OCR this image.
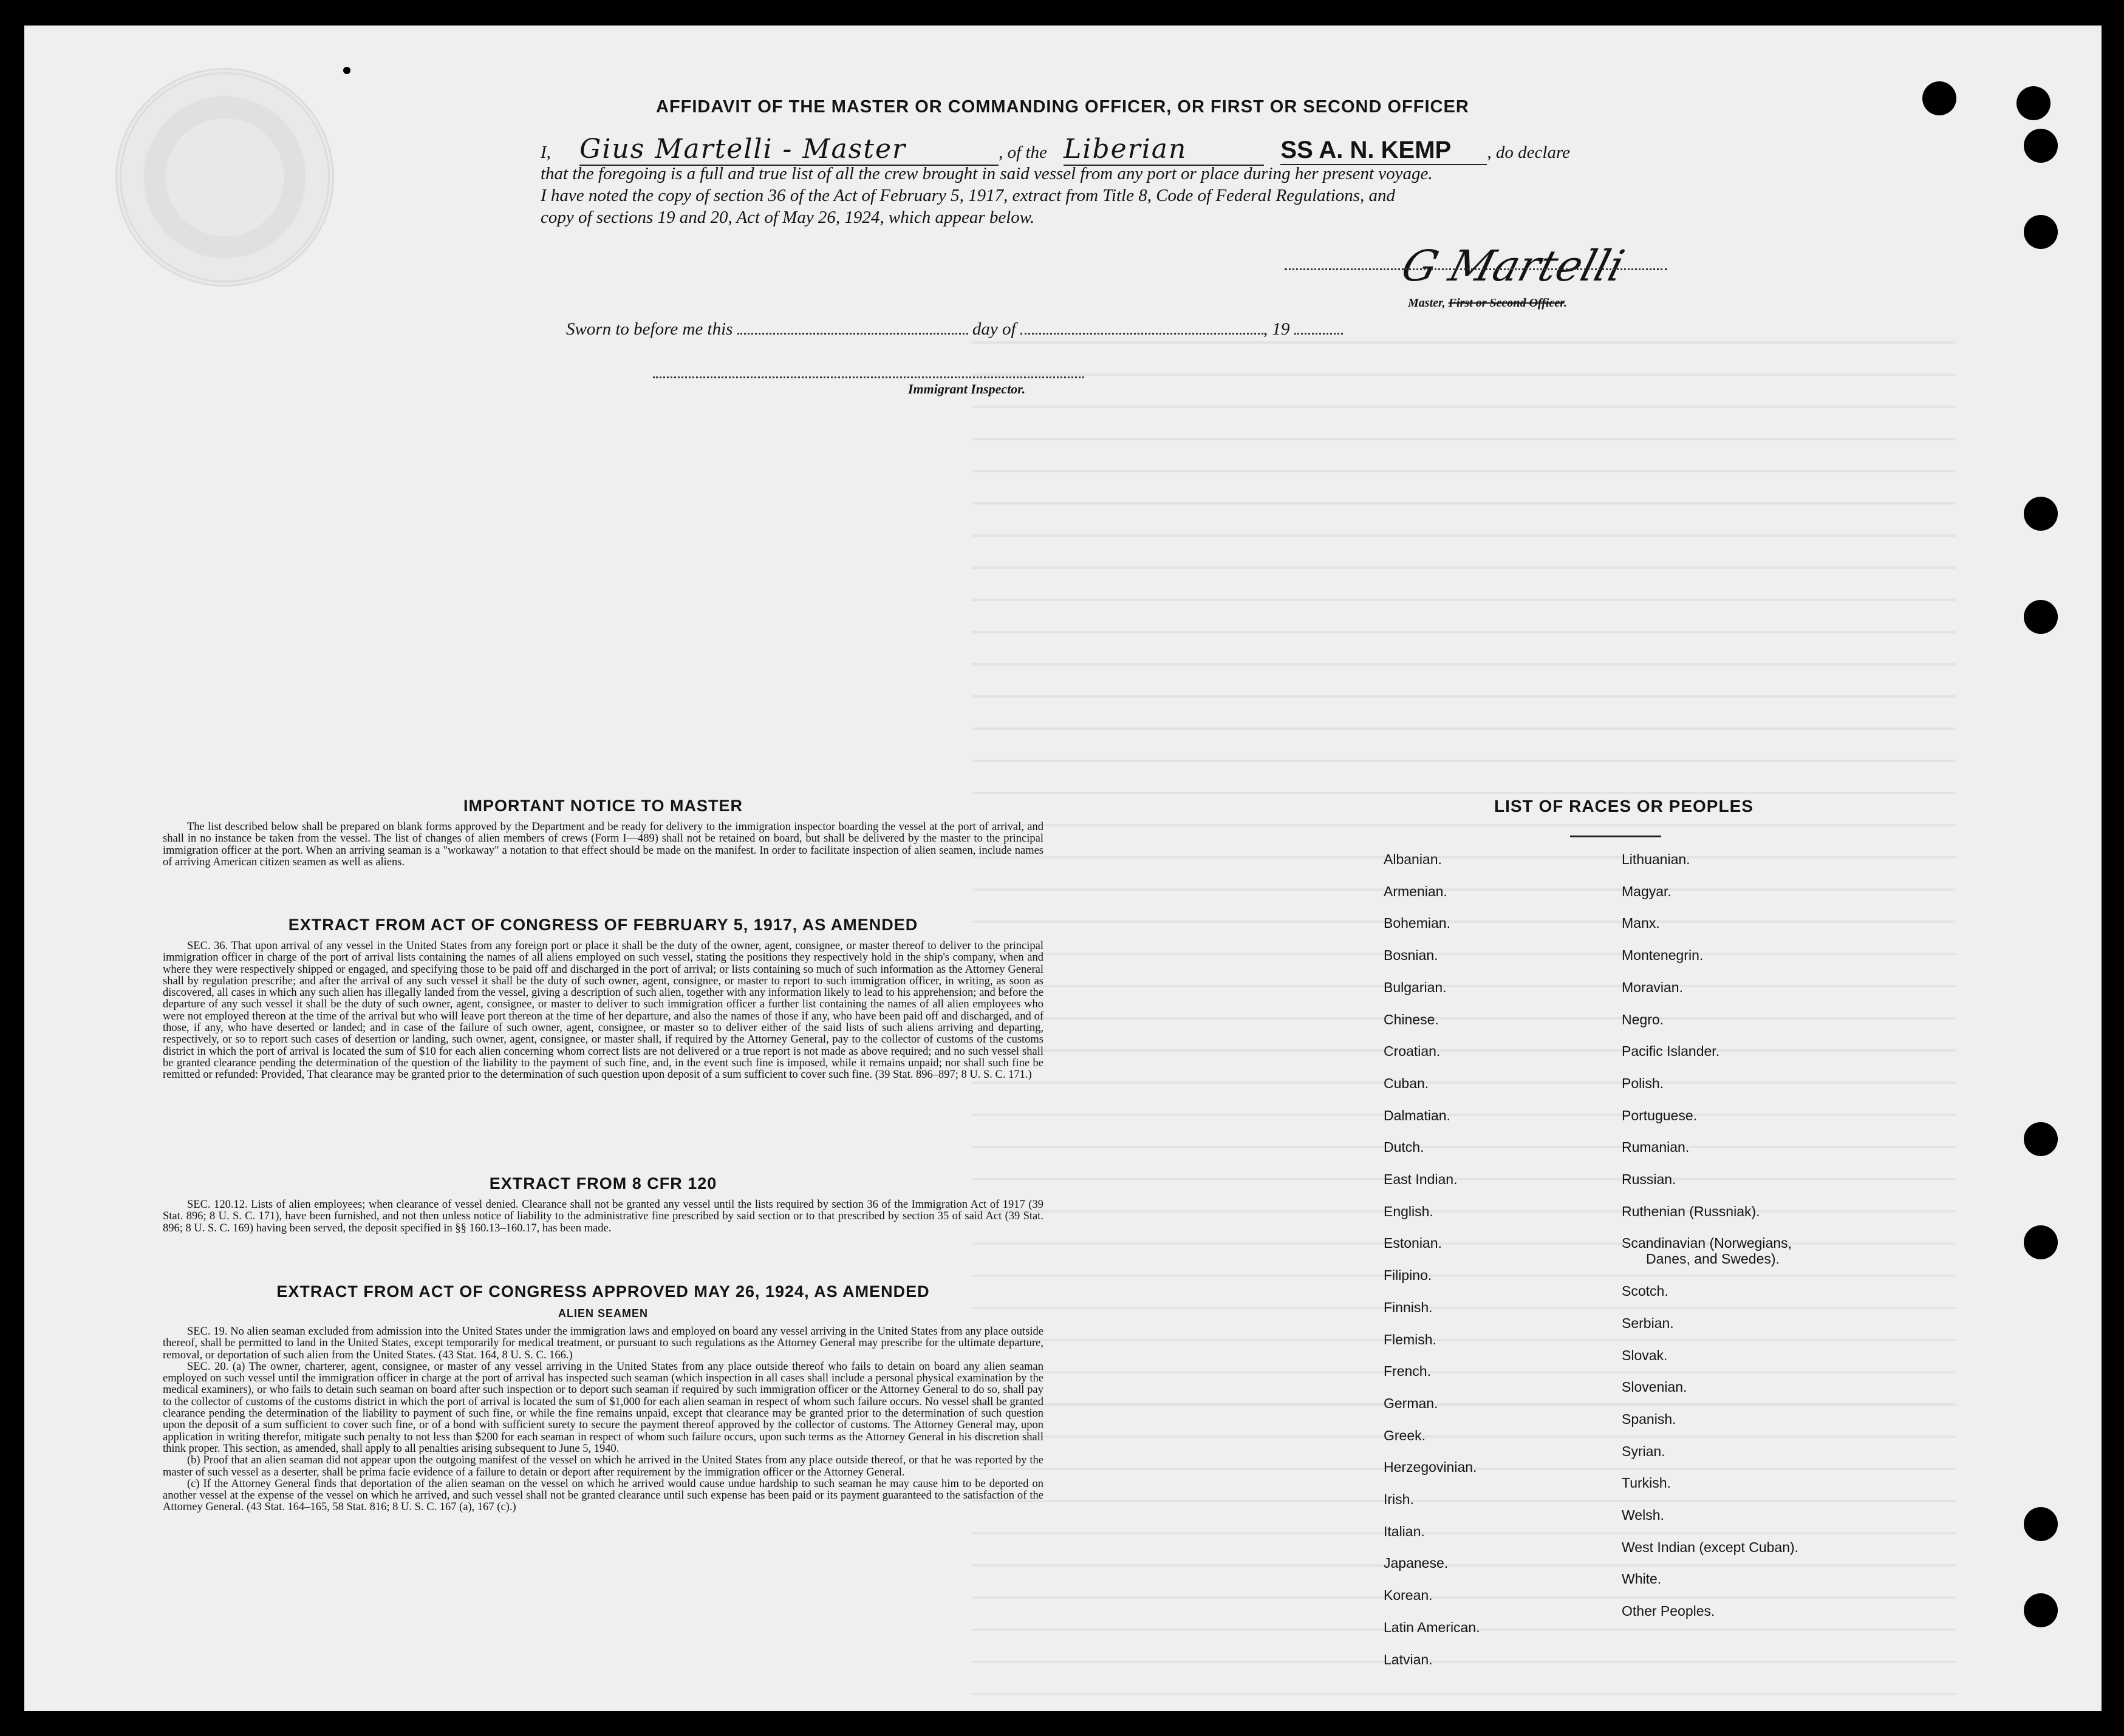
AFFIDAVIT OF THE MASTER OR COMMANDING OFFICER, OR FIRST OR SECOND OFFICER
I, Gius Martelli - Master	, of the Liberian	SS A. N. KEMP , do declare
that the foregoing is a full and true list of all the crew brought in said vessel from any port or place during her present voyage.
I have noted the copy of section 36 of the Act of February 5, 1917, extract from Title 8, Code of Federal Regulations, and
copy of sections 19 and 20, Act of May 26, 1924, which appear below.
G Martelli
Master, First or Second Officer.
Sworn to before me this	day of	, 19
Immigrant Inspector.
IMPORTANT NOTICE TO MASTER

The list described below shall be prepared on blank forms approved by the Department and be ready for delivery to the immigration inspector boarding the vessel at the port of arrival, and shall in no instance be taken from the vessel. The list of changes of alien members of crews (Form I—489) shall not be retained on board, but shall be delivered by the master to the principal immigration officer at the port. When an arriving seaman is a "workaway" a notation to that effect should be made on the manifest. In order to facilitate inspection of alien seamen, include names of arriving American citizen seamen as well as aliens.

EXTRACT FROM ACT OF CONGRESS OF FEBRUARY 5, 1917, AS AMENDED

SEC. 36. That upon arrival of any vessel in the United States from any foreign port or place it shall be the duty of the owner, agent, consignee, or master thereof to deliver to the principal immigration officer in charge of the port of arrival lists containing the names of all aliens employed on such vessel, stating the positions they respectively hold in the ship's company, when and where they were respectively shipped or engaged, and specifying those to be paid off and discharged in the port of arrival; or lists containing so much of such information as the Attorney General shall by regulation prescribe; and after the arrival of any such vessel it shall be the duty of such owner, agent, consignee, or master to report to such immigration officer, in writing, as soon as discovered, all cases in which any such alien has illegally landed from the vessel, giving a description of such alien, together with any information likely to lead to his apprehension; and before the departure of any such vessel it shall be the duty of such owner, agent, consignee, or master to deliver to such immigration officer a further list containing the names of all alien employees who were not employed thereon at the time of the arrival but who will leave port thereon at the time of her departure, and also the names of those if any, who have been paid off and discharged, and of those, if any, who have deserted or landed; and in case of the failure of such owner, agent, consignee, or master so to deliver either of the said lists of such aliens arriving and departing, respectively, or so to report such cases of desertion or landing, such owner, agent, consignee, or master shall, if required by the Attorney General, pay to the collector of customs of the customs district in which the port of arrival is located the sum of $10 for each alien concerning whom correct lists are not delivered or a true report is not made as above required; and no such vessel shall be granted clearance pending the determination of the question of the liability to the payment of such fine, and, in the event such fine is imposed, while it remains unpaid; nor shall such fine be remitted or refunded: Provided, That clearance may be granted prior to the determination of such question upon deposit of a sum sufficient to cover such fine. (39 Stat. 896–897; 8 U. S. C. 171.)

EXTRACT FROM 8 CFR 120

SEC. 120.12. Lists of alien employees; when clearance of vessel denied. Clearance shall not be granted any vessel until the lists required by section 36 of the Immigration Act of 1917 (39 Stat. 896; 8 U. S. C. 171), have been furnished, and not then unless notice of liability to the administrative fine prescribed by said section or to that prescribed by section 35 of said Act (39 Stat. 896; 8 U. S. C. 169) having been served, the deposit specified in §§ 160.13–160.17, has been made.

EXTRACT FROM ACT OF CONGRESS APPROVED MAY 26, 1924, AS AMENDED
ALIEN SEAMEN

SEC. 19. No alien seaman excluded from admission into the United States under the immigration laws and employed on board any vessel arriving in the United States from any place outside thereof, shall be permitted to land in the United States, except temporarily for medical treatment, or pursuant to such regulations as the Attorney General may prescribe for the ultimate departure, removal, or deportation of such alien from the United States. (43 Stat. 164, 8 U. S. C. 166.)

SEC. 20. (a) The owner, charterer, agent, consignee, or master of any vessel arriving in the United States from any place outside thereof who fails to detain on board any alien seaman employed on such vessel until the immigration officer in charge at the port of arrival has inspected such seaman (which inspection in all cases shall include a personal physical examination by the medical examiners), or who fails to detain such seaman on board after such inspection or to deport such seaman if required by such immigration officer or the Attorney General to do so, shall pay to the collector of customs of the customs district in which the port of arrival is located the sum of $1,000 for each alien seaman in respect of whom such failure occurs. No vessel shall be granted clearance pending the determination of the liability to payment of such fine, or while the fine remains unpaid, except that clearance may be granted prior to the determination of such question upon the deposit of a sum sufficient to cover such fine, or of a bond with sufficient surety to secure the payment thereof approved by the collector of customs. The Attorney General may, upon application in writing therefor, mitigate such penalty to not less than $200 for each seaman in respect of whom such failure occurs, upon such terms as the Attorney General in his discretion shall think proper. This section, as amended, shall apply to all penalties arising subsequent to June 5, 1940.

(b) Proof that an alien seaman did not appear upon the outgoing manifest of the vessel on which he arrived in the United States from any place outside thereof, or that he was reported by the master of such vessel as a deserter, shall be prima facie evidence of a failure to detain or deport after requirement by the immigration officer or the Attorney General.

(c) If the Attorney General finds that deportation of the alien seaman on the vessel on which he arrived would cause undue hardship to such seaman he may cause him to be deported on another vessel at the expense of the vessel on which he arrived, and such vessel shall not be granted clearance until such expense has been paid or its payment guaranteed to the satisfaction of the Attorney General. (43 Stat. 164–165, 58 Stat. 816; 8 U. S. C. 167 (a), 167 (c).)

LIST OF RACES OR PEOPLES
Albanian.
Armenian.
Bohemian.
Bosnian.
Bulgarian.
Chinese.
Croatian.
Cuban.
Dalmatian.
Dutch.
East Indian.
English.
Estonian.
Filipino.
Finnish.
Flemish.
French.
German.
Greek.
Herzegovinian.
Irish.
Italian.
Japanese.
Korean.
Latin American.
Latvian.
Lithuanian.
Magyar.
Manx.
Montenegrin.
Moravian.
Negro.
Pacific Islander.
Polish.
Portuguese.
Rumanian.
Russian.
Ruthenian (Russniak).
Scandinavian (Norwegians,
Danes, and Swedes).
Scotch.
Serbian.
Slovak.
Slovenian.
Spanish.
Syrian.
Turkish.
Welsh.
West Indian (except Cuban).
White.
Other Peoples.
